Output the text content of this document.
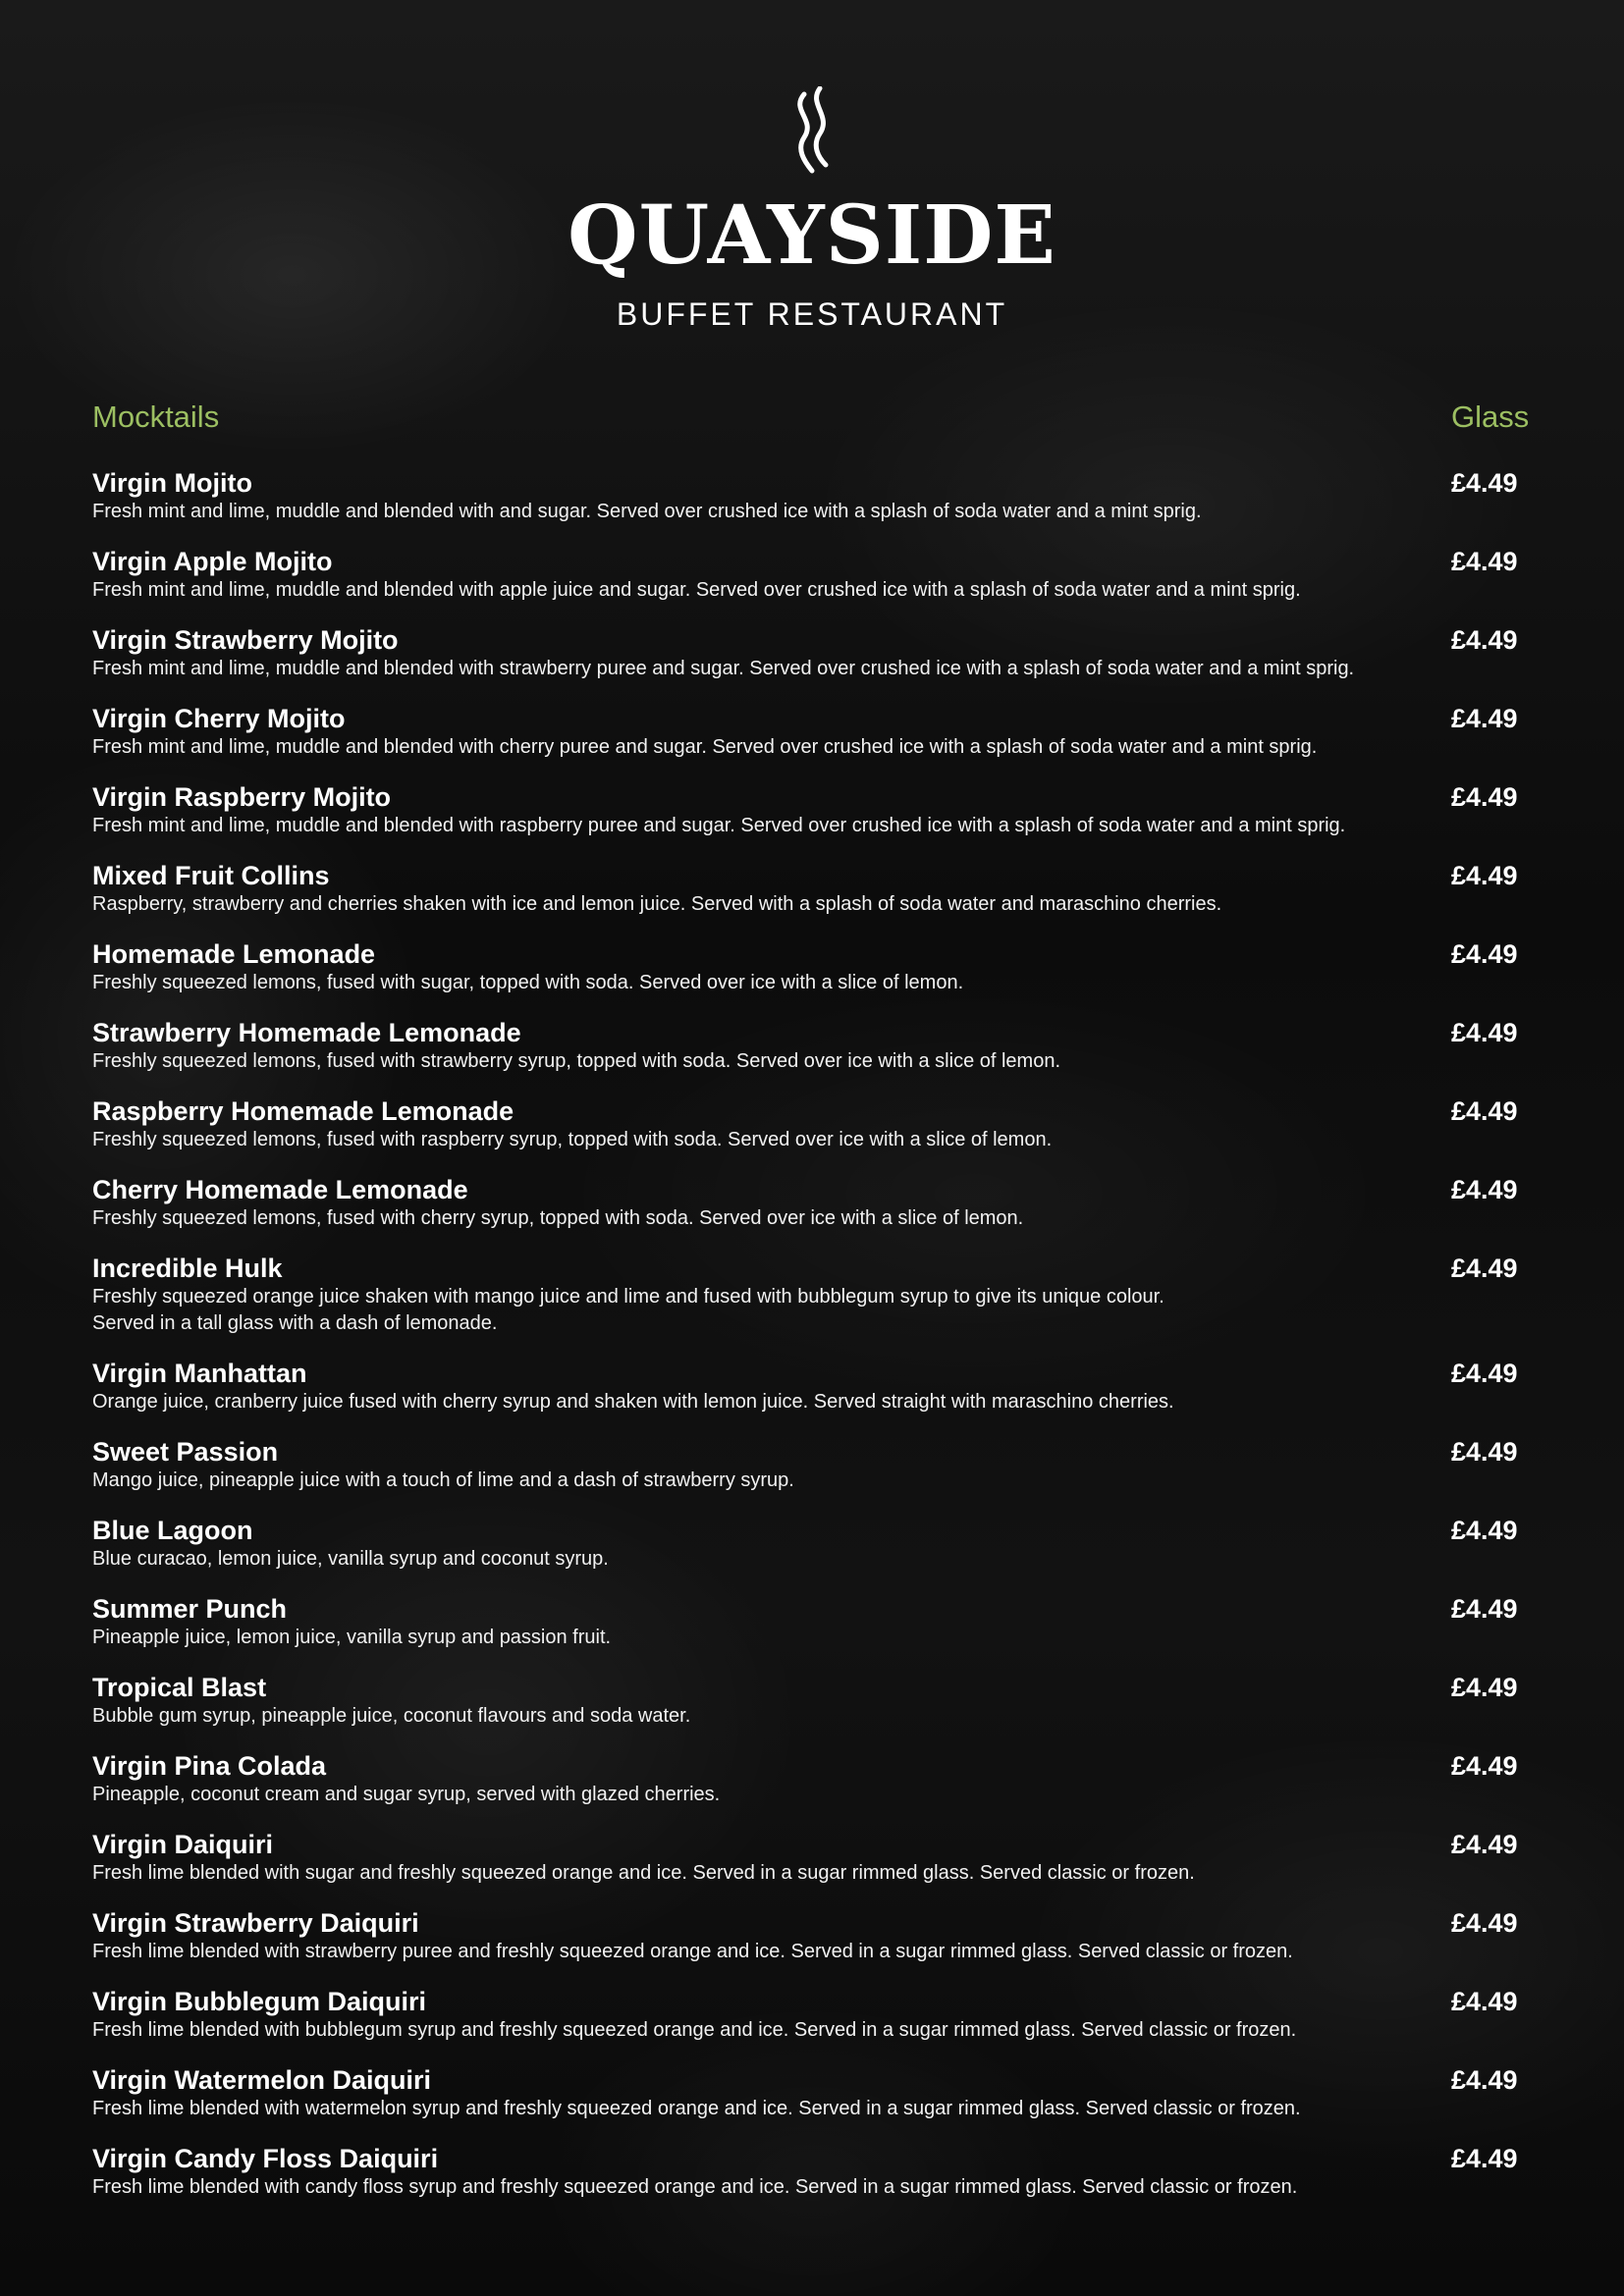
QUAYSIDE
BUFFET RESTAURANT
Mocktails	Glass
Virgin Mojito
Fresh mint and lime, muddle and blended with and sugar. Served over crushed ice with a splash of soda water and a mint sprig.
£4.49
Virgin Apple Mojito
Fresh mint and lime, muddle and blended with apple juice and sugar. Served over crushed ice with a splash of soda water and a mint sprig.
£4.49
Virgin Strawberry Mojito
Fresh mint and lime, muddle and blended with strawberry puree and sugar. Served over crushed ice with a splash of soda water and a mint sprig.
£4.49
Virgin Cherry Mojito
Fresh mint and lime, muddle and blended with cherry puree and sugar. Served over crushed ice with a splash of soda water and a mint sprig.
£4.49
Virgin Raspberry Mojito
Fresh mint and lime, muddle and blended with raspberry puree and sugar. Served over crushed ice with a splash of soda water and a mint sprig.
£4.49
Mixed Fruit Collins
Raspberry, strawberry and cherries shaken with ice and lemon juice. Served with a splash of soda water and maraschino cherries.
£4.49
Homemade Lemonade
Freshly squeezed lemons, fused with sugar, topped with soda. Served over ice with a slice of lemon.
£4.49
Strawberry Homemade Lemonade
Freshly squeezed lemons, fused with strawberry syrup, topped with soda. Served over ice with a slice of lemon.
£4.49
Raspberry Homemade Lemonade
Freshly squeezed lemons, fused with raspberry syrup, topped with soda. Served over ice with a slice of lemon.
£4.49
Cherry Homemade Lemonade
Freshly squeezed lemons, fused with cherry syrup, topped with soda. Served over ice with a slice of lemon.
£4.49
Incredible Hulk
Freshly squeezed orange juice shaken with mango juice and lime and fused with bubblegum syrup to give its unique colour.
Served in a tall glass with a dash of lemonade.
£4.49
Virgin Manhattan
Orange juice, cranberry juice fused with cherry syrup and shaken with lemon juice. Served straight with maraschino cherries.
£4.49
Sweet Passion
Mango juice, pineapple juice with a touch of lime and a dash of strawberry syrup.
£4.49
Blue Lagoon
Blue curacao, lemon juice, vanilla syrup and coconut syrup.
£4.49
Summer Punch
Pineapple juice, lemon juice, vanilla syrup and passion fruit.
£4.49
Tropical Blast
Bubble gum syrup, pineapple juice, coconut flavours and soda water.
£4.49
Virgin Pina Colada
Pineapple, coconut cream and sugar syrup, served with glazed cherries.
£4.49
Virgin Daiquiri
Fresh lime blended with sugar and freshly squeezed orange and ice. Served in a sugar rimmed glass. Served classic or frozen.
£4.49
Virgin Strawberry Daiquiri
Fresh lime blended with strawberry puree and freshly squeezed orange and ice. Served in a sugar rimmed glass. Served classic or frozen.
£4.49
Virgin Bubblegum Daiquiri
Fresh lime blended with bubblegum syrup and freshly squeezed orange and ice. Served in a sugar rimmed glass. Served classic or frozen.
£4.49
Virgin Watermelon Daiquiri
Fresh lime blended with watermelon syrup and freshly squeezed orange and ice. Served in a sugar rimmed glass. Served classic or frozen.
£4.49
Virgin Candy Floss Daiquiri
Fresh lime blended with candy floss syrup and freshly squeezed orange and ice. Served in a sugar rimmed glass. Served classic or frozen.
£4.49
